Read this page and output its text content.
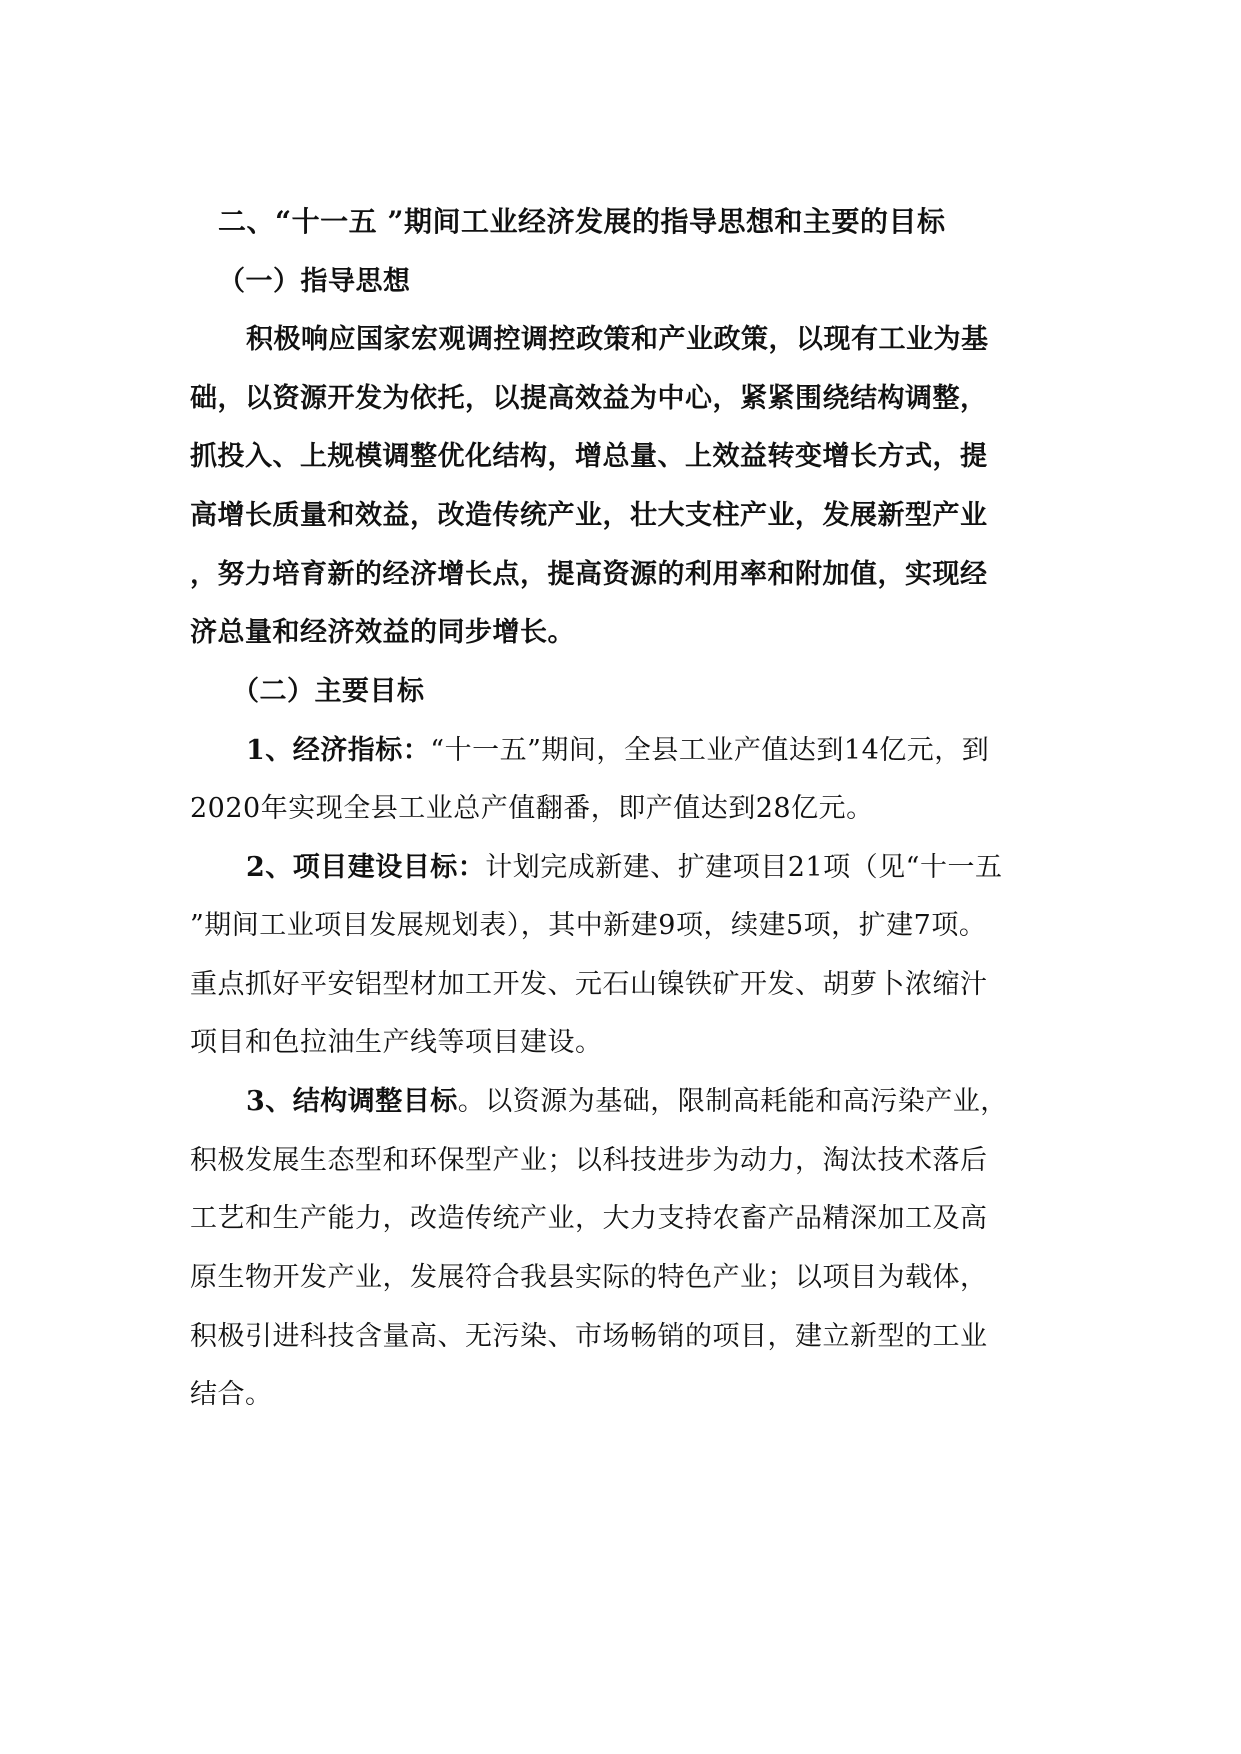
二、“十一五 ”期间工业经济发展的指导思想和主要的目标
（一）指导思想
积极响应国家宏观调控调控政策和产业政策，以现有工业为基
础，以资源开发为依托，以提高效益为中心，紧紧围绕结构调整，
抓投入、上规模调整优化结构，增总量、上效益转变增长方式，提
高增长质量和效益，改造传统产业，壮大支柱产业，发展新型产业
，努力培育新的经济增长点，提高资源的利用率和附加值，实现经
济总量和经济效益的同步增长。
（二）主要目标
1、经济指标：“十一五”期间，全县工业产值达到14亿元，到
2020年实现全县工业总产值翻番，即产值达到28亿元。
2、项目建设目标：计划完成新建、扩建项目21项（见“十一五
”期间工业项目发展规划表），其中新建9项，续建5项，扩建7项。
重点抓好平安铝型材加工开发、元石山镍铁矿开发、胡萝卜浓缩汁
项目和色拉油生产线等项目建设。
3、结构调整目标。以资源为基础，限制高耗能和高污染产业，
积极发展生态型和环保型产业；以科技进步为动力，淘汰技术落后
工艺和生产能力，改造传统产业，大力支持农畜产品精深加工及高
原生物开发产业，发展符合我县实际的特色产业；以项目为载体，
积极引进科技含量高、无污染、市场畅销的项目，建立新型的工业
结合。
